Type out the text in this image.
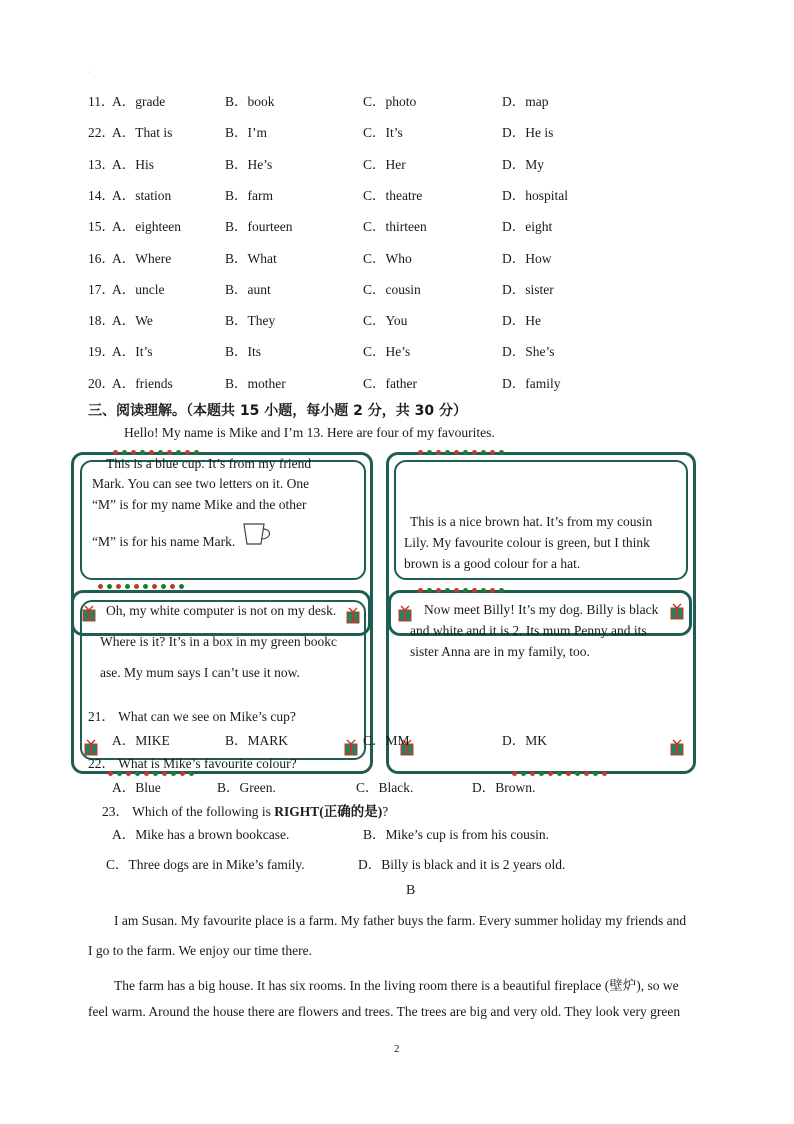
·
11．
A．grade	B．book	C．photo	D．map
22．
A．That is	B．I’m	C．It’s	D．He is
13．
A．His	B．He’s	C．Her	D．My
14．
A．station	B．farm	C．theatre	D．hospital
15．
A．eighteen	B．fourteen	C．thirteen	D．eight
16．
A．Where	B．What	C．Who	D．How
17．
A．uncle	B．aunt	C．cousin	D．sister
18．
A．We	B．They	C．You	D．He
19．
A．It’s	B．Its	C．He’s	D．She’s
20．
A．friends	B．mother	C．father	D．family
三、阅读理解。（本题共 15 小题，每小题 2 分，共 30 分）
Hello! My name is Mike and I’m 13. Here are four of my favourites.
This is a blue cup. It’s from my friend
Mark. You can see two letters on it. One
“M” is for my name Mike and the other
“M” is for his name Mark.
This is a nice brown hat. It’s from my cousin
Lily. My favourite colour is green, but I think
brown is a good colour for a hat.
Oh, my white computer is not on my desk.
Where is it? It’s in a box in my green bookc
ase. My mum says I can’t use it now.
Now meet Billy! It’s my dog. Billy is black
and white and it is 2. Its mum Penny and its
sister Anna are in my family, too.
21． What can we see on Mike’s cup?
A．MIKE	B．MARK	C．MM	D．MK
22． What is Mike’s favourite colour?
A．Blue	B．Green.	C．Black.	D．Brown.
23． Which of the following is RIGHT(正确的是)?
A．Mike has a brown bookcase.	B．Mike’s cup is from his cousin.
C．Three dogs are in Mike’s family.	D．Billy is black and it is 2 years old.
B
I am Susan. My favourite place is a farm. My father buys the farm. Every summer holiday my friends and
I go to the farm. We enjoy our time there.
The farm has a big house. It has six rooms. In the living room there is a beautiful fireplace (壁炉), so we
feel warm. Around the house there are flowers and trees. The trees are big and very old. They look very green
2
